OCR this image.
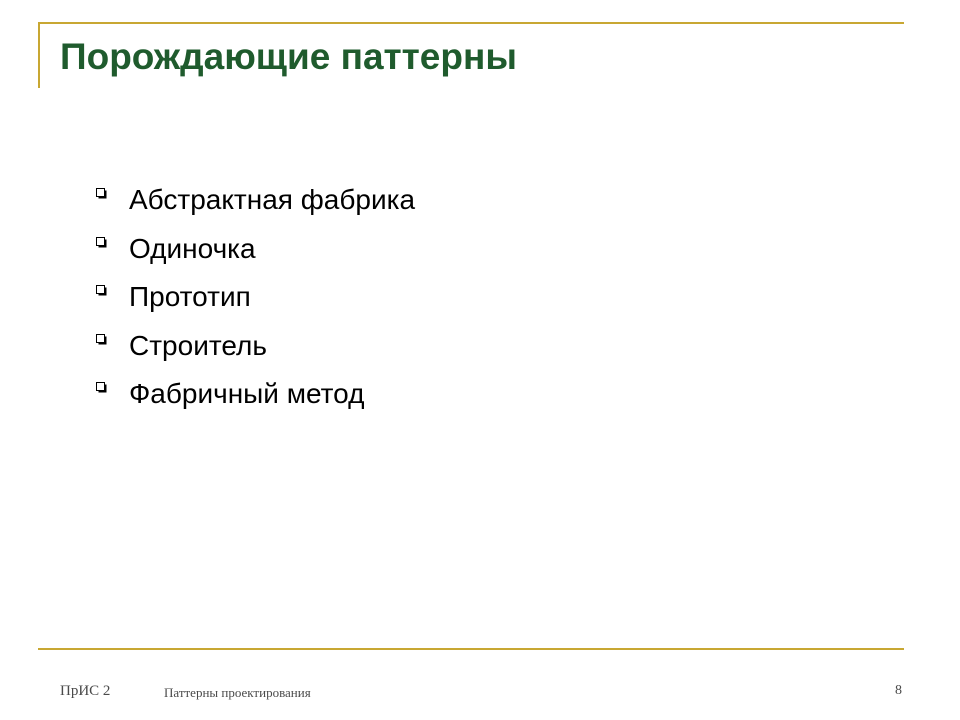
Порождающие паттерны
Абстрактная фабрика
Одиночка
Прототип
Строитель
Фабричный метод
ПрИС 2	Паттерны проектирования	8
